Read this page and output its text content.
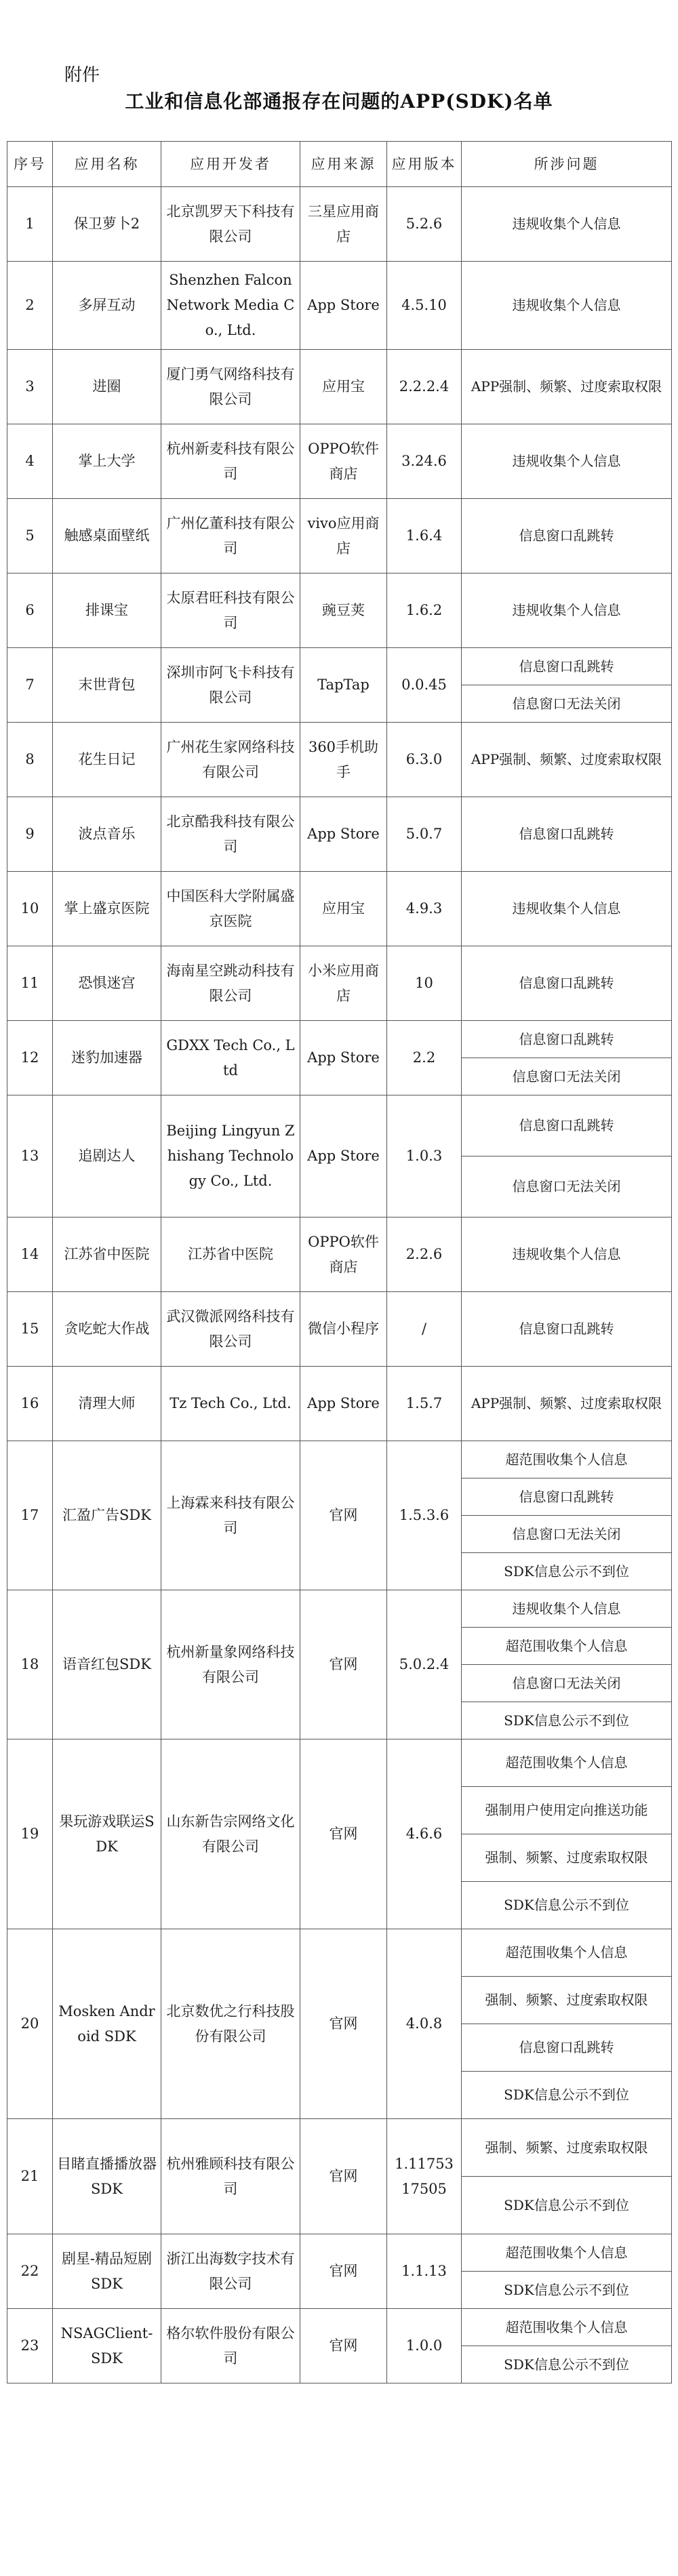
附件
工业和信息化部通报存在问题的APP(SDK)名单
序号	应用名称	应用开发者	应用来源	应用版本	所涉问题
1	保卫萝卜2	北京凯罗天下科技有限公司	三星应用商店	5.2.6	违规收集个人信息
2	多屏互动	Shenzhen Falcon Network Media Co., Ltd.	App Store	4.5.10	违规收集个人信息
3	进圈	厦门勇气网络科技有限公司	应用宝	2.2.2.4	APP强制、频繁、过度索取权限
4	掌上大学	杭州新麦科技有限公司	OPPO软件商店	3.24.6	违规收集个人信息
5	触感桌面壁纸	广州亿董科技有限公司	vivo应用商店	1.6.4	信息窗口乱跳转
6	排课宝	太原君旺科技有限公司	豌豆荚	1.6.2	违规收集个人信息
7	末世背包	深圳市阿飞卡科技有限公司	TapTap	0.0.45	信息窗口乱跳转
					信息窗口无法关闭
8	花生日记	广州花生家网络科技有限公司	360手机助手	6.3.0	APP强制、频繁、过度索取权限
9	波点音乐	北京酷我科技有限公司	App Store	5.0.7	信息窗口乱跳转
10	掌上盛京医院	中国医科大学附属盛京医院	应用宝	4.9.3	违规收集个人信息
11	恐惧迷宫	海南星空跳动科技有限公司	小米应用商店	10	信息窗口乱跳转
12	迷豹加速器	GDXX Tech Co., Ltd	App Store	2.2	信息窗口乱跳转
					信息窗口无法关闭
13	追剧达人	Beijing Lingyun Zhishang Technology Co., Ltd.	App Store	1.0.3	信息窗口乱跳转
					信息窗口无法关闭
14	江苏省中医院	江苏省中医院	OPPO软件商店	2.2.6	违规收集个人信息
15	贪吃蛇大作战	武汉微派网络科技有限公司	微信小程序	/	信息窗口乱跳转
16	清理大师	Tz Tech Co., Ltd.	App Store	1.5.7	APP强制、频繁、过度索取权限
17	汇盈广告SDK	上海霖来科技有限公司	官网	1.5.3.6	超范围收集个人信息
					信息窗口乱跳转
					信息窗口无法关闭
					SDK信息公示不到位
18	语音红包SDK	杭州新量象网络科技有限公司	官网	5.0.2.4	违规收集个人信息
					超范围收集个人信息
					信息窗口无法关闭
					SDK信息公示不到位
19	果玩游戏联运SDK	山东新告宗网络文化有限公司	官网	4.6.6	超范围收集个人信息
					强制用户使用定向推送功能
					强制、频繁、过度索取权限
					SDK信息公示不到位
20	Mosken Android SDK	北京数优之行科技股份有限公司	官网	4.0.8	超范围收集个人信息
					强制、频繁、过度索取权限
					信息窗口乱跳转
					SDK信息公示不到位
21	目睹直播播放器SDK	杭州雅顾科技有限公司	官网	1.1175317505	强制、频繁、过度索取权限
					SDK信息公示不到位
22	剧星-精品短剧SDK	浙江出海数字技术有限公司	官网	1.1.13	超范围收集个人信息
					SDK信息公示不到位
23	NSAGClient-SDK	格尔软件股份有限公司	官网	1.0.0	超范围收集个人信息
					SDK信息公示不到位
